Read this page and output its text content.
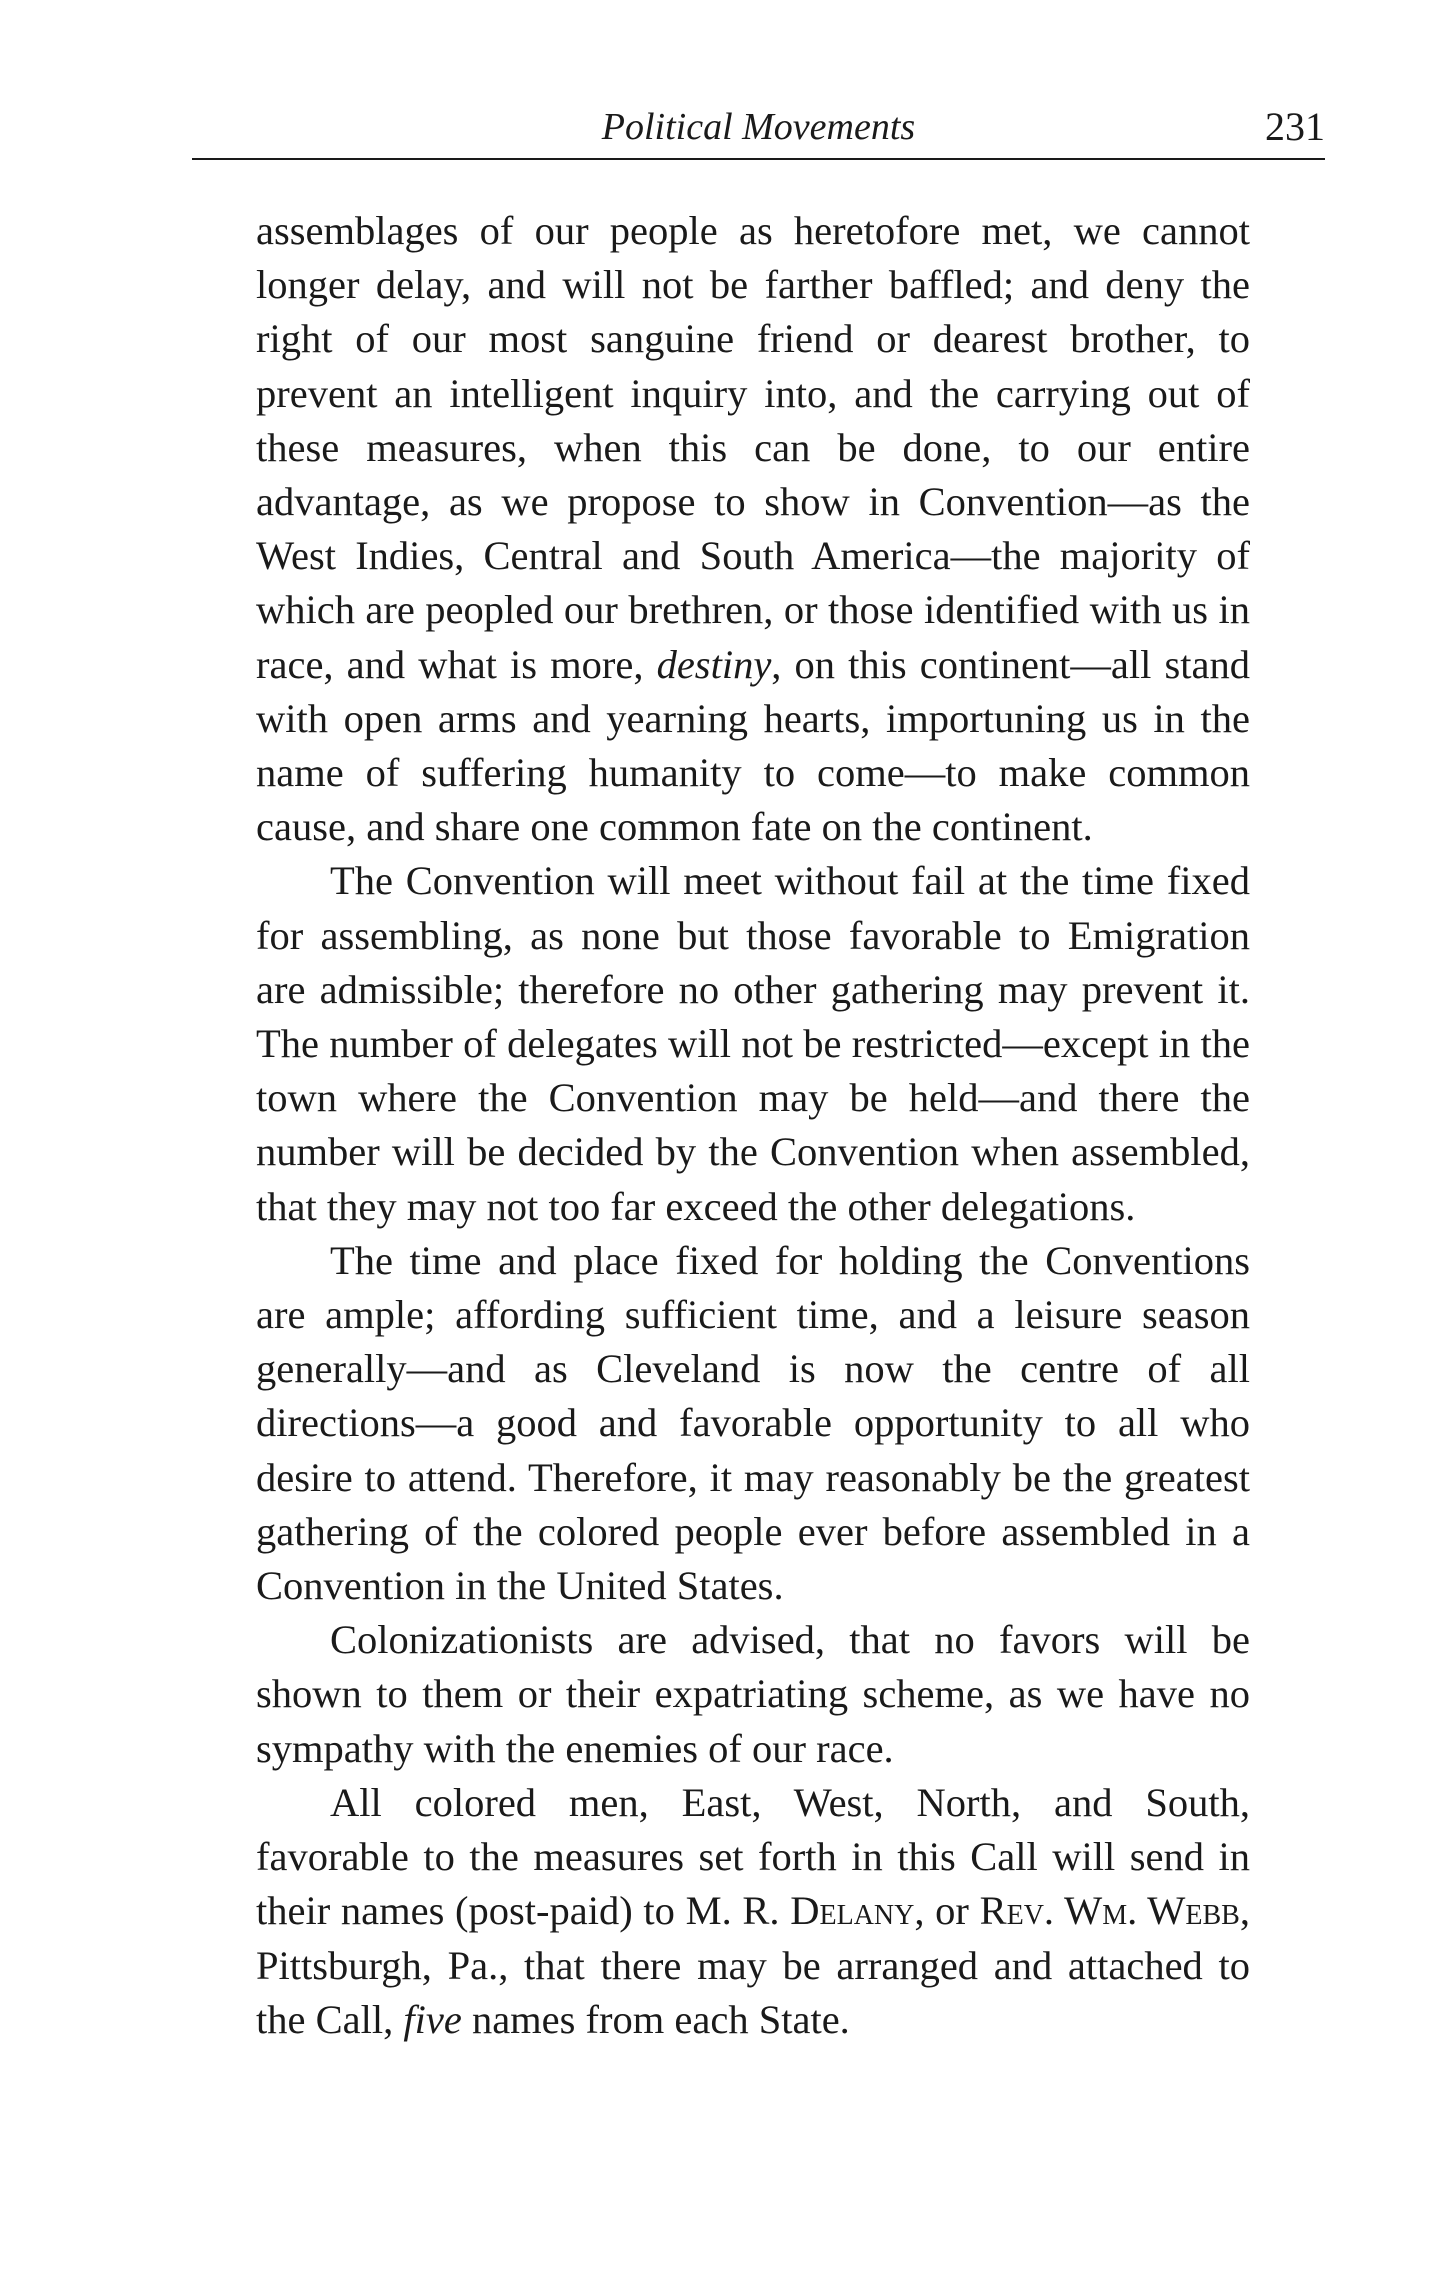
Political Movements	231

assemblages of our people as heretofore met, we cannot longer delay, and will not be farther baffled; and deny the right of our most sanguine friend or dearest brother, to prevent an intelligent inquiry into, and the carrying out of these measures, when this can be done, to our entire advantage, as we propose to show in Convention—as the West Indies, Central and South America—the majority of which are peopled our brethren, or those identified with us in race, and what is more, destiny, on this continent—all stand with open arms and yearning hearts, importuning us in the name of suffering humanity to come—to make common cause, and share one common fate on the continent.

The Convention will meet without fail at the time fixed for assembling, as none but those favorable to Emigration are admissible; therefore no other gathering may prevent it. The number of delegates will not be restricted—except in the town where the Convention may be held—and there the number will be decided by the Convention when assembled, that they may not too far exceed the other delegations.

The time and place fixed for holding the Conventions are ample; affording sufficient time, and a leisure season generally—and as Cleveland is now the centre of all directions—a good and favorable opportunity to all who desire to attend. Therefore, it may reasonably be the greatest gathering of the colored people ever before assembled in a Convention in the United States.

Colonizationists are advised, that no favors will be shown to them or their expatriating scheme, as we have no sympathy with the enemies of our race.

All colored men, East, West, North, and South, favorable to the measures set forth in this Call will send in their names (post-paid) to M. R. Delany, or Rev. Wm. Webb, Pittsburgh, Pa., that there may be arranged and attached to the Call, five names from each State.
